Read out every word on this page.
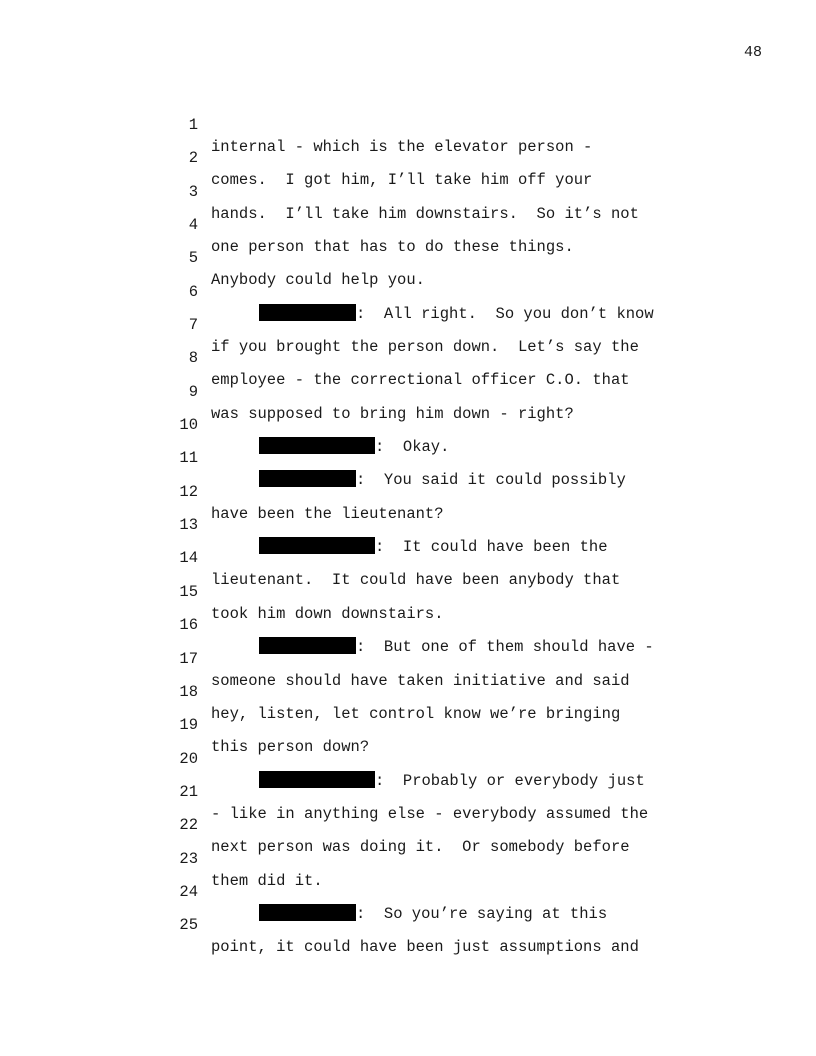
48

1

internal - which is the elevator person -

2

comes.  I got him, I’ll take him off your

3

hands.  I’ll take him downstairs.  So it’s not

4

one person that has to do these things.

5

Anybody could help you.

6

:  All right.  So you don’t know

7

if you brought the person down.  Let’s say the

8

employee - the correctional officer C.O. that

9

was supposed to bring him down - right?

10

:  Okay.

11

:  You said it could possibly

12

have been the lieutenant?

13

:  It could have been the

14

lieutenant.  It could have been anybody that

15

took him down downstairs.

16

:  But one of them should have -

17

someone should have taken initiative and said

18

hey, listen, let control know we’re bringing

19

this person down?

20

:  Probably or everybody just

21

- like in anything else - everybody assumed the

22

next person was doing it.  Or somebody before

23

them did it.

24

:  So you’re saying at this

25

point, it could have been just assumptions and
